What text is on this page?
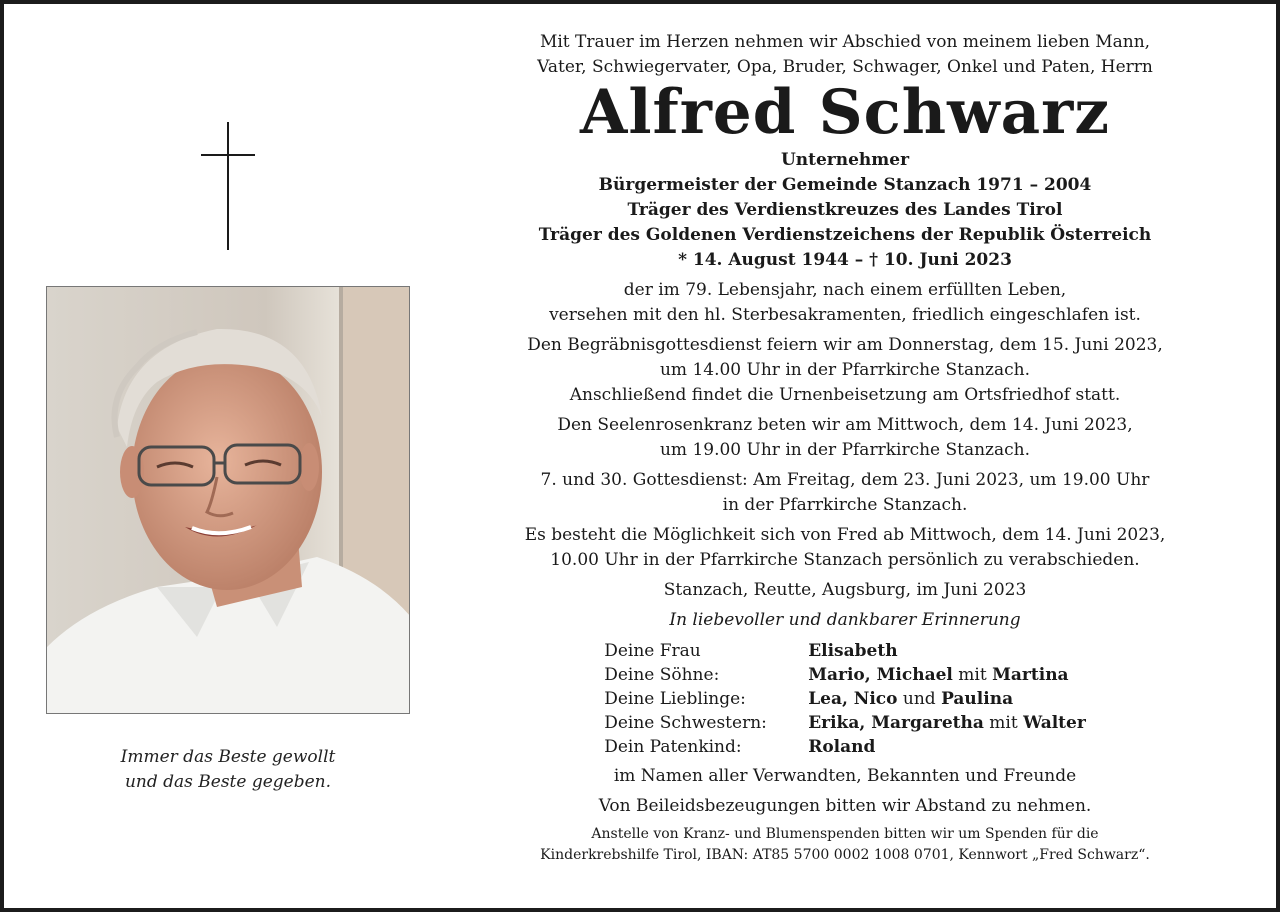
Immer das Beste gewollt
und das Beste gegeben.
Mit Trauer im Herzen nehmen wir Abschied von meinem lieben Mann,
Vater, Schwiegervater, Opa, Bruder, Schwager, Onkel und Paten, Herrn
Alfred Schwarz
Unternehmer
Bürgermeister der Gemeinde Stanzach 1971 – 2004
Träger des Verdienstkreuzes des Landes Tirol
Träger des Goldenen Verdienstzeichens der Republik Österreich
* 14. August 1944 – † 10. Juni 2023
der im 79. Lebensjahr, nach einem erfüllten Leben,
versehen mit den hl. Sterbesakramenten, friedlich eingeschlafen ist.
Den Begräbnisgottesdienst feiern wir am Donnerstag, dem 15. Juni 2023,
um 14.00 Uhr in der Pfarrkirche Stanzach.
Anschließend findet die Urnenbeisetzung am Ortsfriedhof statt.
Den Seelenrosenkranz beten wir am Mittwoch, dem 14. Juni 2023,
um 19.00 Uhr in der Pfarrkirche Stanzach.
7. und 30. Gottesdienst: Am Freitag, dem 23. Juni 2023, um 19.00 Uhr
in der Pfarrkirche Stanzach.
Es besteht die Möglichkeit sich von Fred ab Mittwoch, dem 14. Juni 2023,
10.00 Uhr in der Pfarrkirche Stanzach persönlich zu verabschieden.
Stanzach, Reutte, Augsburg, im Juni 2023
In liebevoller und dankbarer Erinnerung
Deine Frau	Elisabeth
Deine Söhne:	Mario, Michael mit Martina
Deine Lieblinge:	Lea, Nico und Paulina
Deine Schwestern:	Erika, Margaretha mit Walter
Dein Patenkind:	Roland
im Namen aller Verwandten, Bekannten und Freunde
Von Beileidsbezeugungen bitten wir Abstand zu nehmen.
Anstelle von Kranz- und Blumenspenden bitten wir um Spenden für die
Kinderkrebshilfe Tirol, IBAN: AT85 5700 0002 1008 0701, Kennwort „Fred Schwarz“.
